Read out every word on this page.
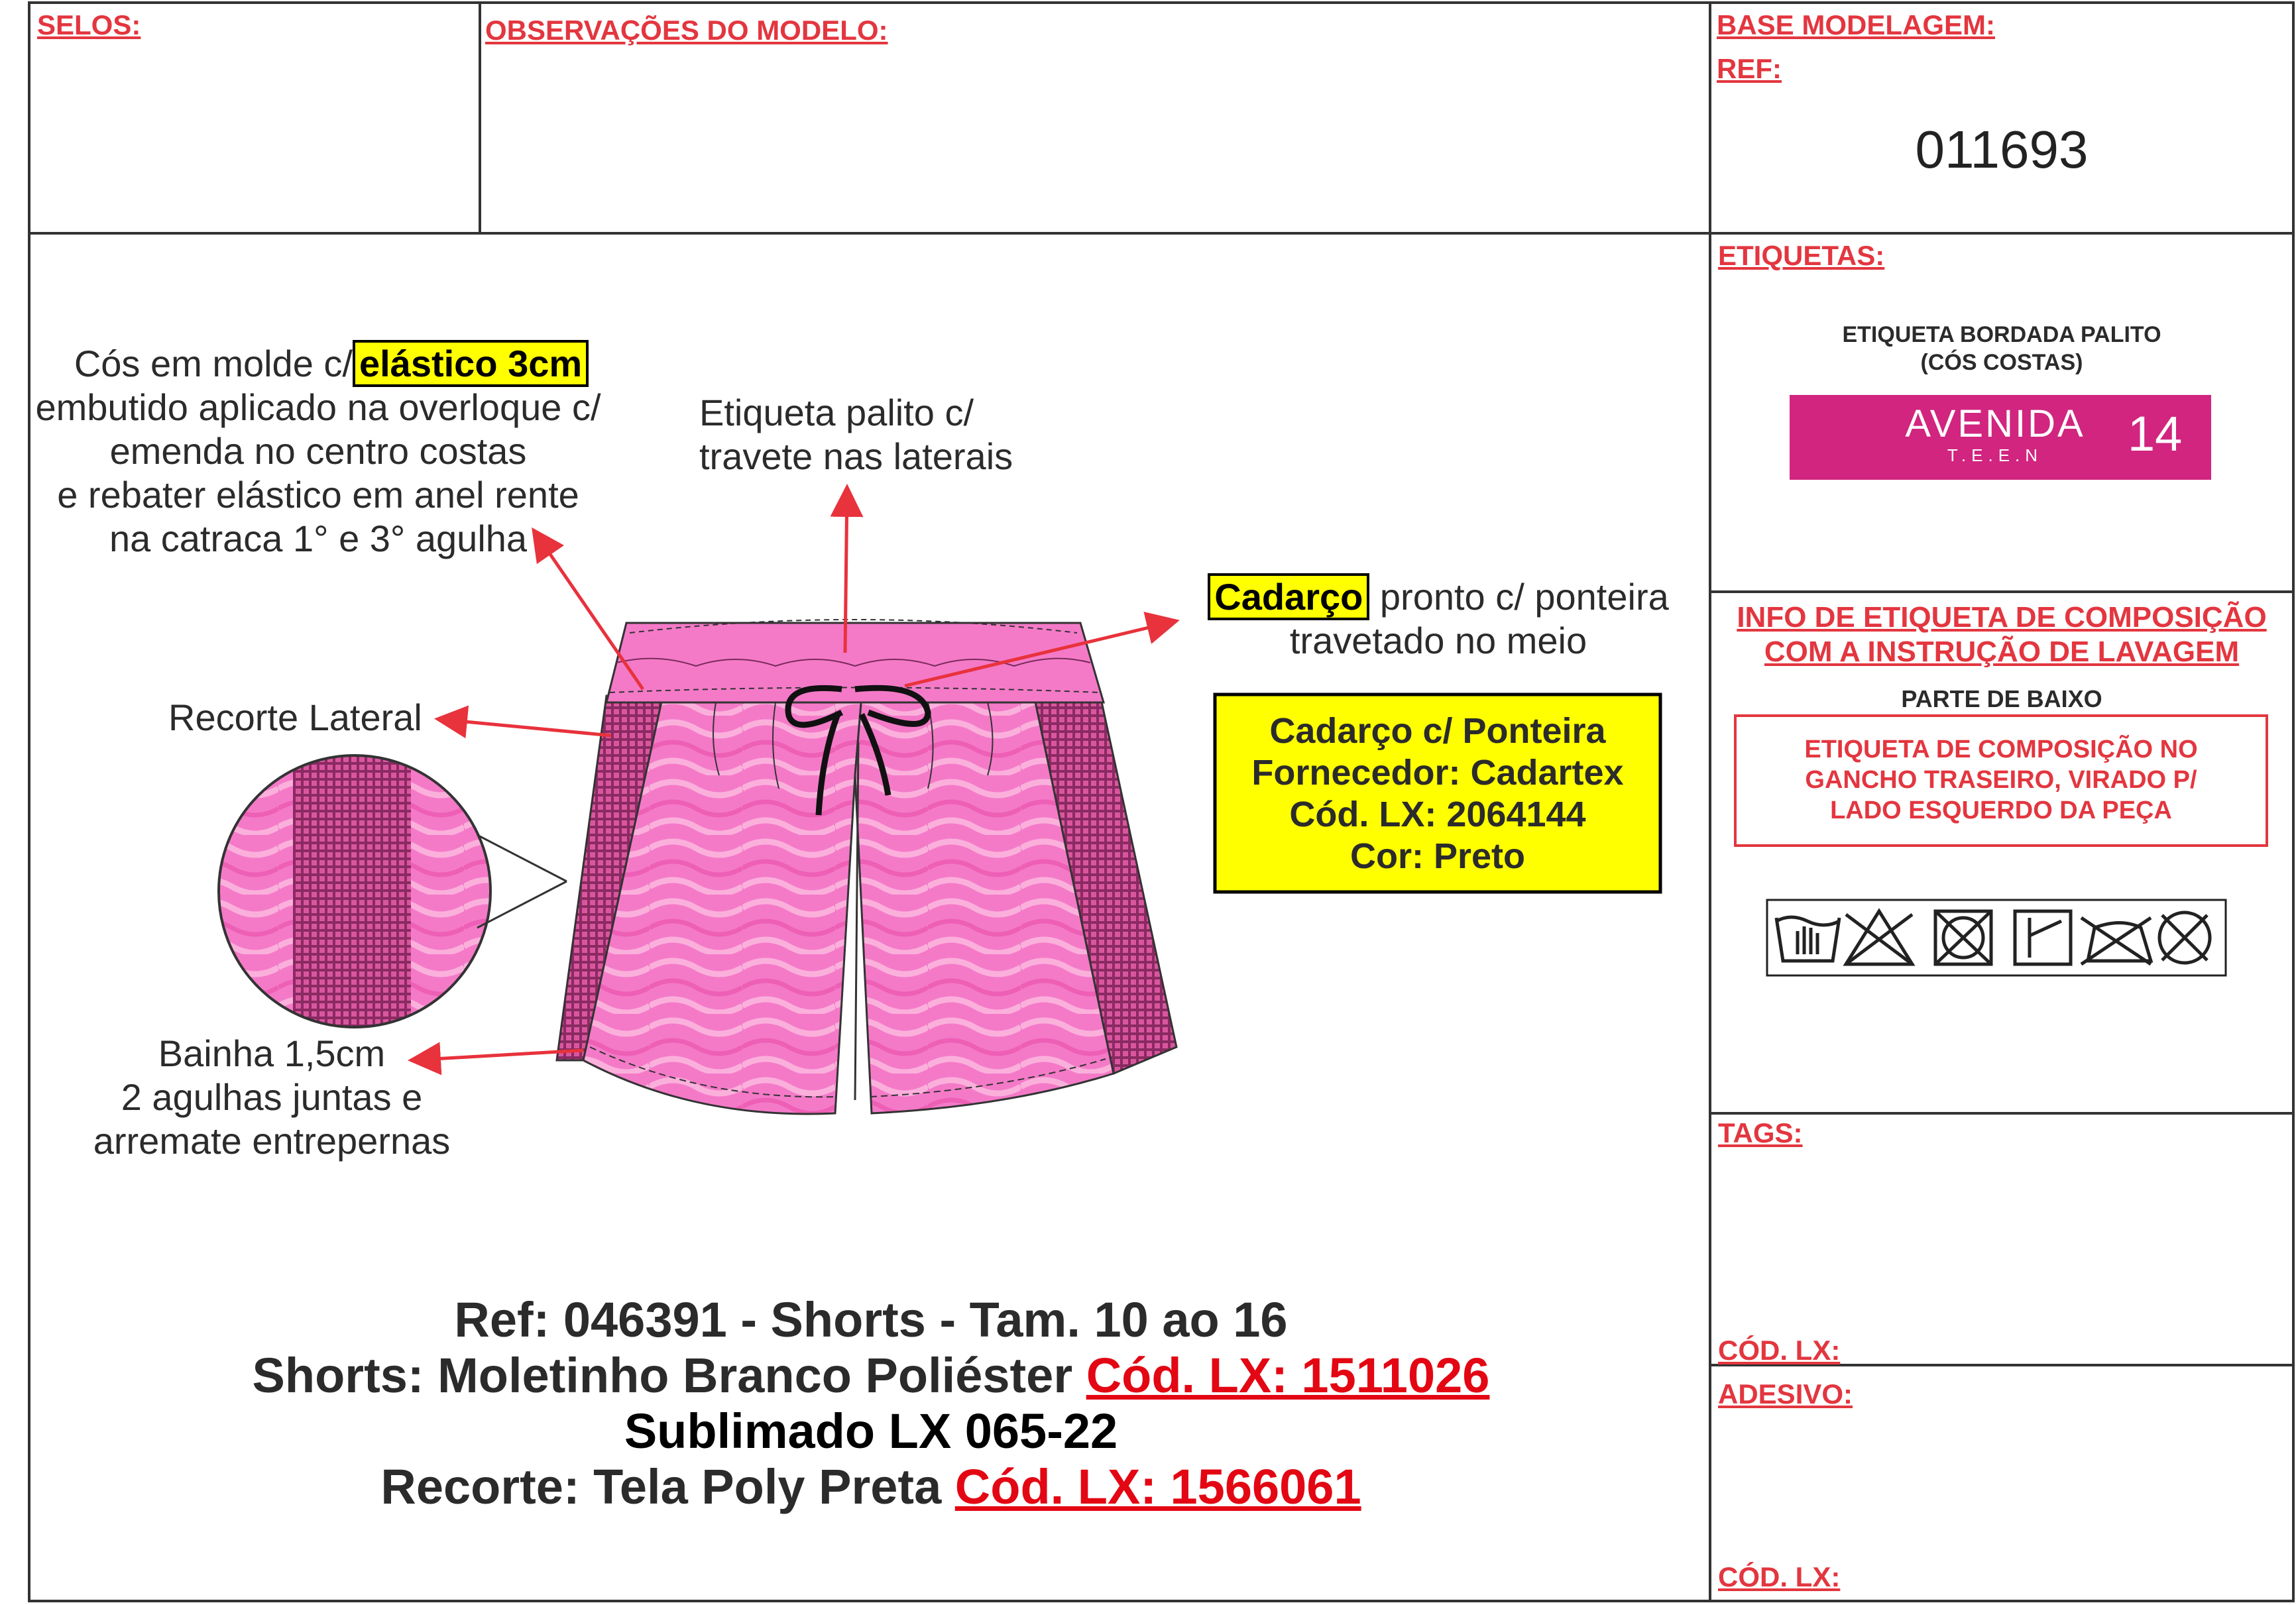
SELOS:	OBSERVAÇÕES DO MODELO:	BASE MODELAGEM:
REF:
011693
Cós em molde c/ elástico 3cm
embutido aplicado na overloque c/
emenda no centro costas
e rebater elástico em anel rente
na catraca 1° e 3° agulha
Etiqueta palito c/
travete nas laterais
Cadarço pronto c/ ponteira
travetado no meio
Recorte Lateral
Bainha 1,5cm
2 agulhas juntas e
arremate entrepernas
Cadarço c/ Ponteira
Fornecedor: Cadartex
Cód. LX: 2064144
Cor: Preto
Ref: 046391 - Shorts - Tam. 10 ao 16
Shorts: Moletinho Branco Poliéster Cód. LX: 1511026
Sublimado LX 065-22
Recorte: Tela Poly Preta Cód. LX: 1566061
ETIQUETAS:
ETIQUETA BORDADA PALITO
(CÓS COSTAS)
AVENIDA
T.E.E.N	14
INFO DE ETIQUETA DE COMPOSIÇÃO
COM A INSTRUÇÃO DE LAVAGEM
PARTE DE BAIXO
ETIQUETA DE COMPOSIÇÃO NO
GANCHO TRASEIRO, VIRADO P/
LADO ESQUERDO DA PEÇA
TAGS:
CÓD. LX:
ADESIVO:
CÓD. LX:
